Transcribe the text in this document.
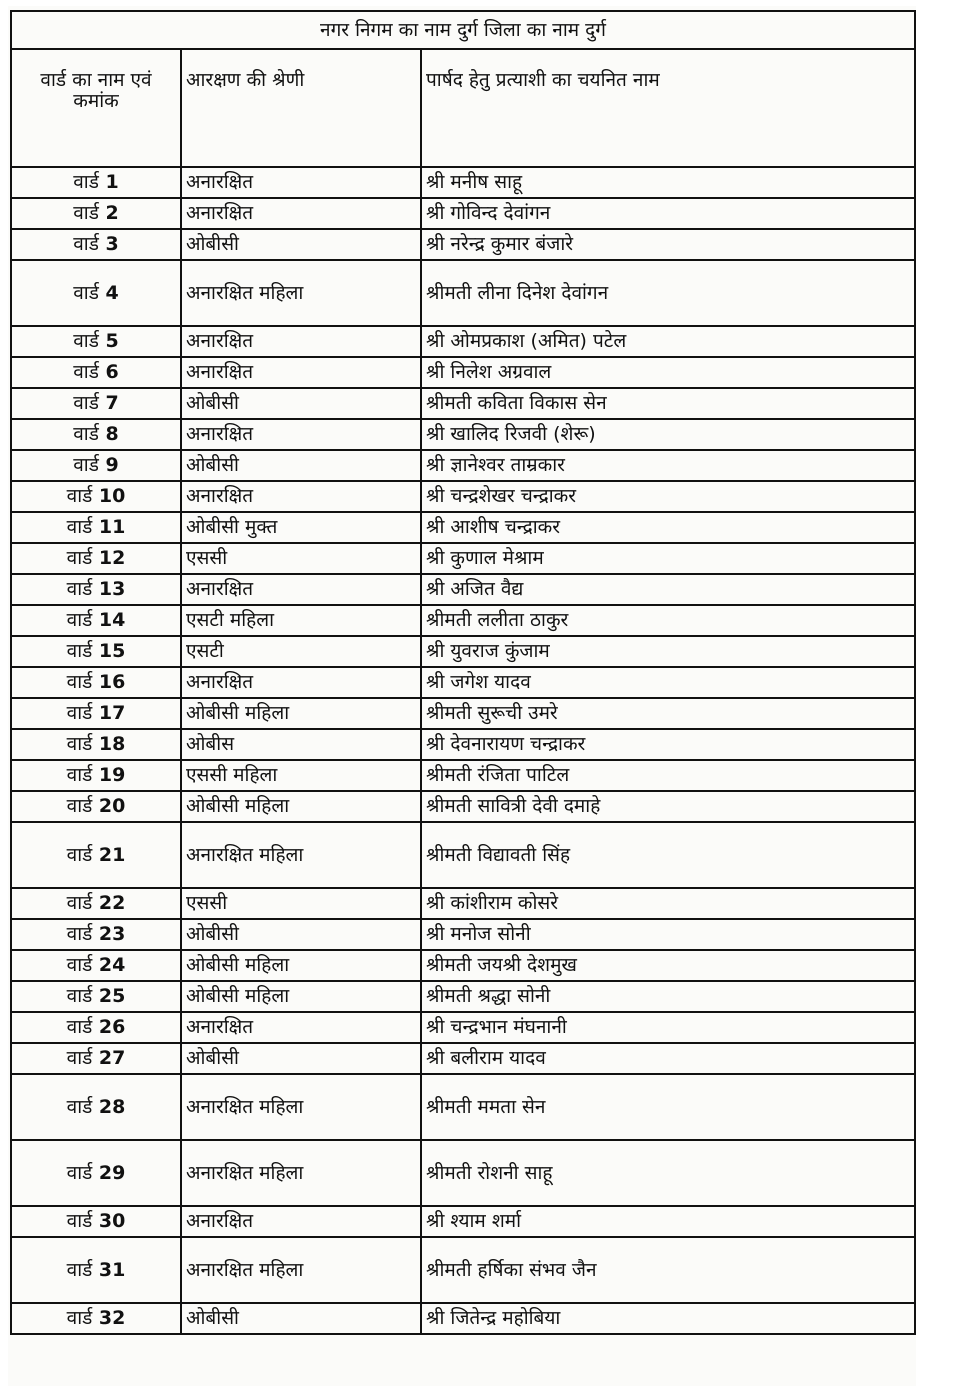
नगर निगम का नाम दुर्ग जिला का नाम दुर्ग		
वार्ड का नाम एवं कमांक	आरक्षण की श्रेणी	पार्षद हेतु प्रत्याशी का चयनित नाम
वार्ड 1	अनारक्षित	श्री मनीष साहू
वार्ड 2	अनारक्षित	श्री गोविन्द देवांगन
वार्ड 3	ओबीसी	श्री नरेन्द्र कुमार बंजारे
वार्ड 4	अनारक्षित महिला	श्रीमती लीना दिनेश देवांगन
वार्ड 5	अनारक्षित	श्री ओमप्रकाश (अमित) पटेल
वार्ड 6	अनारक्षित	श्री निलेश अग्रवाल
वार्ड 7	ओबीसी	श्रीमती कविता विकास सेन
वार्ड 8	अनारक्षित	श्री खालिद रिजवी (शेरू)
वार्ड 9	ओबीसी	श्री ज्ञानेश्वर ताम्रकार
वार्ड 10	अनारक्षित	श्री चन्द्रशेखर चन्द्राकर
वार्ड 11	ओबीसी मुक्त	श्री आशीष चन्द्राकर
वार्ड 12	एससी	श्री कुणाल मेश्राम
वार्ड 13	अनारक्षित	श्री अजित वैद्य
वार्ड 14	एसटी महिला	श्रीमती ललीता ठाकुर
वार्ड 15	एसटी	श्री युवराज कुंजाम
वार्ड 16	अनारक्षित	श्री जगेश यादव
वार्ड 17	ओबीसी महिला	श्रीमती सुरूची उमरे
वार्ड 18	ओबीस	श्री देवनारायण चन्द्राकर
वार्ड 19	एससी महिला	श्रीमती रंजिता पाटिल
वार्ड 20	ओबीसी महिला	श्रीमती सावित्री देवी दमाहे
वार्ड 21	अनारक्षित महिला	श्रीमती विद्यावती सिंह
वार्ड 22	एससी	श्री कांशीराम कोसरे
वार्ड 23	ओबीसी	श्री मनोज सोनी
वार्ड 24	ओबीसी महिला	श्रीमती जयश्री देशमुख
वार्ड 25	ओबीसी महिला	श्रीमती श्रद्धा सोनी
वार्ड 26	अनारक्षित	श्री चन्द्रभान मंघनानी
वार्ड 27	ओबीसी	श्री बलीराम यादव
वार्ड 28	अनारक्षित महिला	श्रीमती ममता सेन
वार्ड 29	अनारक्षित महिला	श्रीमती रोशनी साहू
वार्ड 30	अनारक्षित	श्री श्याम शर्मा
वार्ड 31	अनारक्षित महिला	श्रीमती हर्षिका संभव जैन
वार्ड 32	ओबीसी	श्री जितेन्द्र महोबिया
